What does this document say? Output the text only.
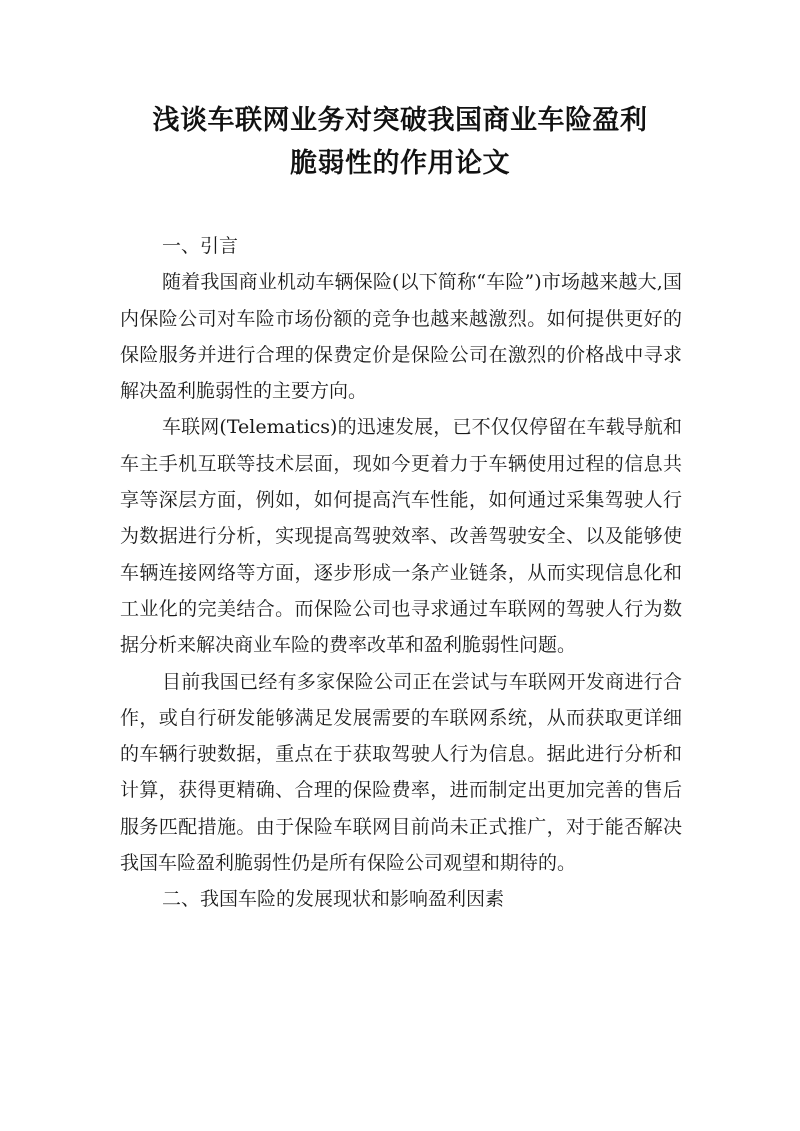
浅谈车联网业务对突破我国商业车险盈利
脆弱性的作用论文

一、引言

随着我国商业机动车辆保险(以下简称“车险”)市场越来越大,国内保险公司对车险市场份额的竞争也越来越激烈。如何提供更好的保险服务并进行合理的保费定价是保险公司在激烈的价格战中寻求解决盈利脆弱性的主要方向。

车联网(Telematics)的迅速发展，已不仅仅停留在车载导航和车主手机互联等技术层面，现如今更着力于车辆使用过程的信息共享等深层方面，例如，如何提高汽车性能，如何通过采集驾驶人行为数据进行分析，实现提高驾驶效率、改善驾驶安全、以及能够使车辆连接网络等方面，逐步形成一条产业链条，从而实现信息化和工业化的完美结合。而保险公司也寻求通过车联网的驾驶人行为数据分析来解决商业车险的费率改革和盈利脆弱性问题。

目前我国已经有多家保险公司正在尝试与车联网开发商进行合作，或自行研发能够满足发展需要的车联网系统，从而获取更详细的车辆行驶数据，重点在于获取驾驶人行为信息。据此进行分析和计算，获得更精确、合理的保险费率，进而制定出更加完善的售后服务匹配措施。由于保险车联网目前尚未正式推广，对于能否解决我国车险盈利脆弱性仍是所有保险公司观望和期待的。

二、我国车险的发展现状和影响盈利因素
